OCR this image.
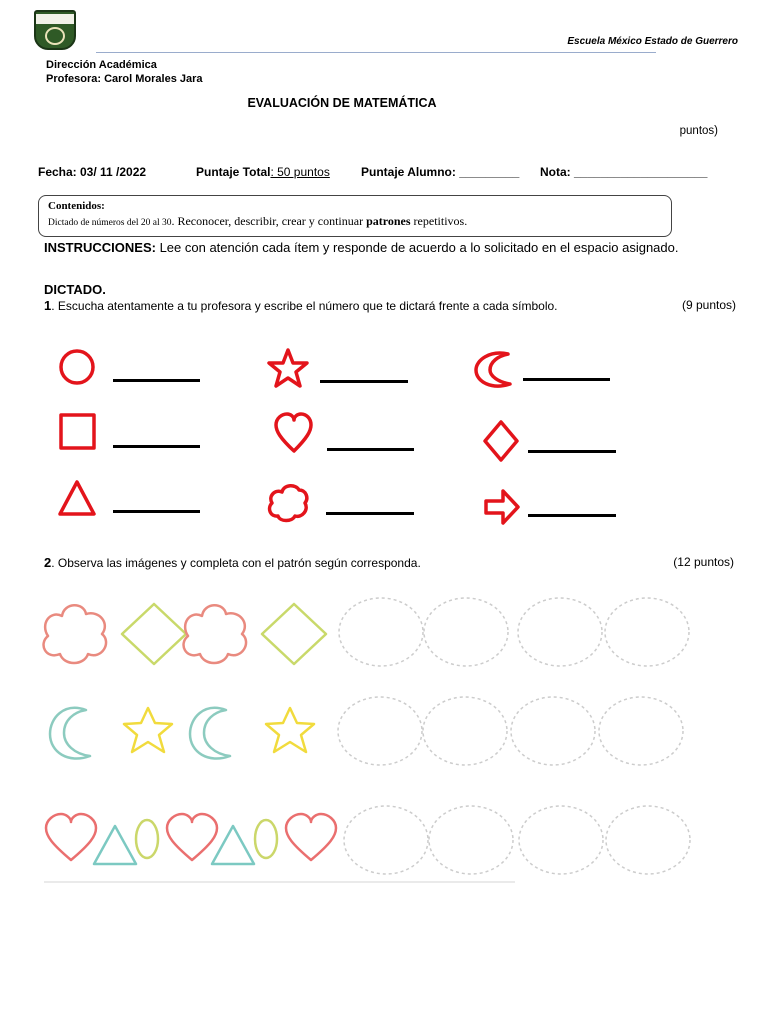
Escuela México Estado de Guerrero
Dirección Académica
Profesora: Carol Morales Jara
EVALUACIÓN DE MATEMÁTICA
puntos)
Fecha: 03/ 11 /2022	Puntaje Total: 50 puntos	Puntaje Alumno: _________ Nota: ____________________
Contenidos:
Dictado de números del 20 al 30. Reconocer, describir, crear y continuar patrones repetitivos.
INSTRUCCIONES: Lee con atención cada ítem y responde de acuerdo a lo solicitado en el espacio asignado.
DICTADO.
1. Escucha atentamente a tu profesora y escribe el número que te dictará frente a cada símbolo.	(9 puntos)
2. Observa las imágenes y completa con el patrón según corresponda.	(12 puntos)
